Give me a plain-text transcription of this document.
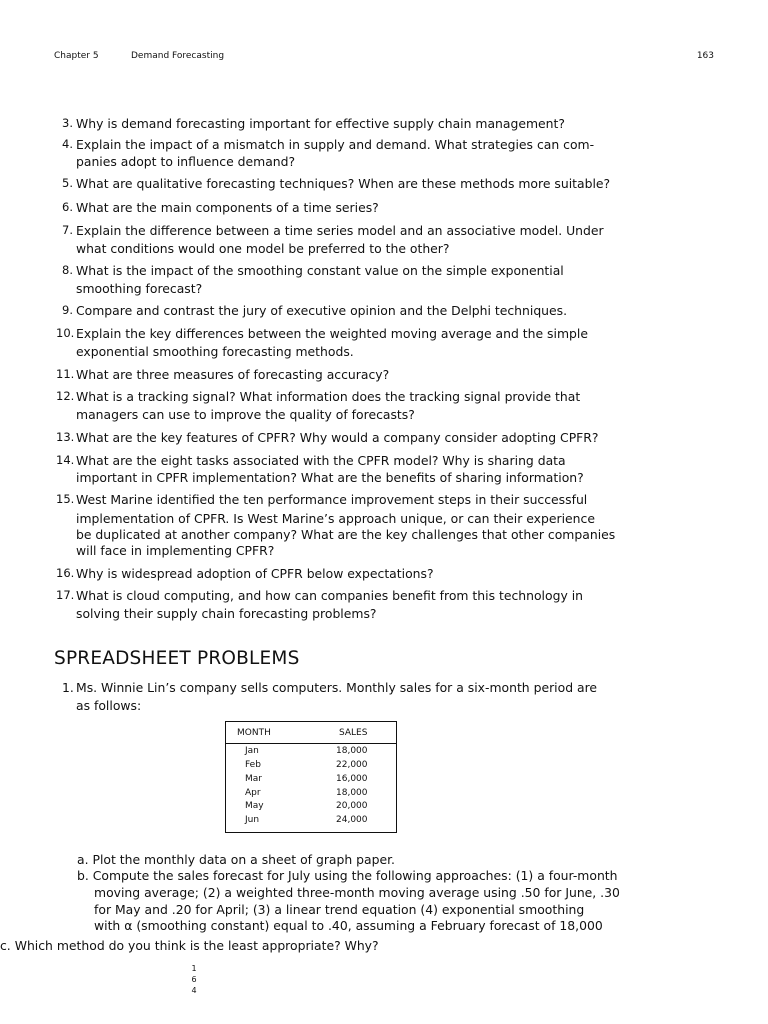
Chapter 5	Demand Forecasting	163
3. Why is demand forecasting important for effective supply chain management?
4. Explain the impact of a mismatch in supply and demand. What strategies can com-
panies adopt to influence demand?
5. What are qualitative forecasting techniques? When are these methods more suitable?
6. What are the main components of a time series?
7. Explain the difference between a time series model and an associative model. Under
what conditions would one model be preferred to the other?
8. What is the impact of the smoothing constant value on the simple exponential
smoothing forecast?
9. Compare and contrast the jury of executive opinion and the Delphi techniques.
10. Explain the key differences between the weighted moving average and the simple
exponential smoothing forecasting methods.
11. What are three measures of forecasting accuracy?
12. What is a tracking signal? What information does the tracking signal provide that
managers can use to improve the quality of forecasts?
13. What are the key features of CPFR? Why would a company consider adopting CPFR?
14. What are the eight tasks associated with the CPFR model? Why is sharing data
important in CPFR implementation? What are the benefits of sharing information?
15. West Marine identified the ten performance improvement steps in their successful
implementation of CPFR. Is West Marine’s approach unique, or can their experience
be duplicated at another company? What are the key challenges that other companies
will face in implementing CPFR?
16. Why is widespread adoption of CPFR below expectations?
17. What is cloud computing, and how can companies benefit from this technology in
solving their supply chain forecasting problems?
SPREADSHEET PROBLEMS
1. Ms. Winnie Lin’s company sells computers. Monthly sales for a six-month period are
as follows:
MONTH	SALES
Jan	18,000
Feb	22,000
Mar	16,000
Apr	18,000
May	20,000
Jun	24,000
a. Plot the monthly data on a sheet of graph paper.
b. Compute the sales forecast for July using the following approaches: (1) a four-month
moving average; (2) a weighted three-month moving average using .50 for June, .30
for May and .20 for April; (3) a linear trend equation (4) exponential smoothing
with α (smoothing constant) equal to .40, assuming a February forecast of 18,000
c. Which method do you think is the least appropriate? Why?
1
6
4
